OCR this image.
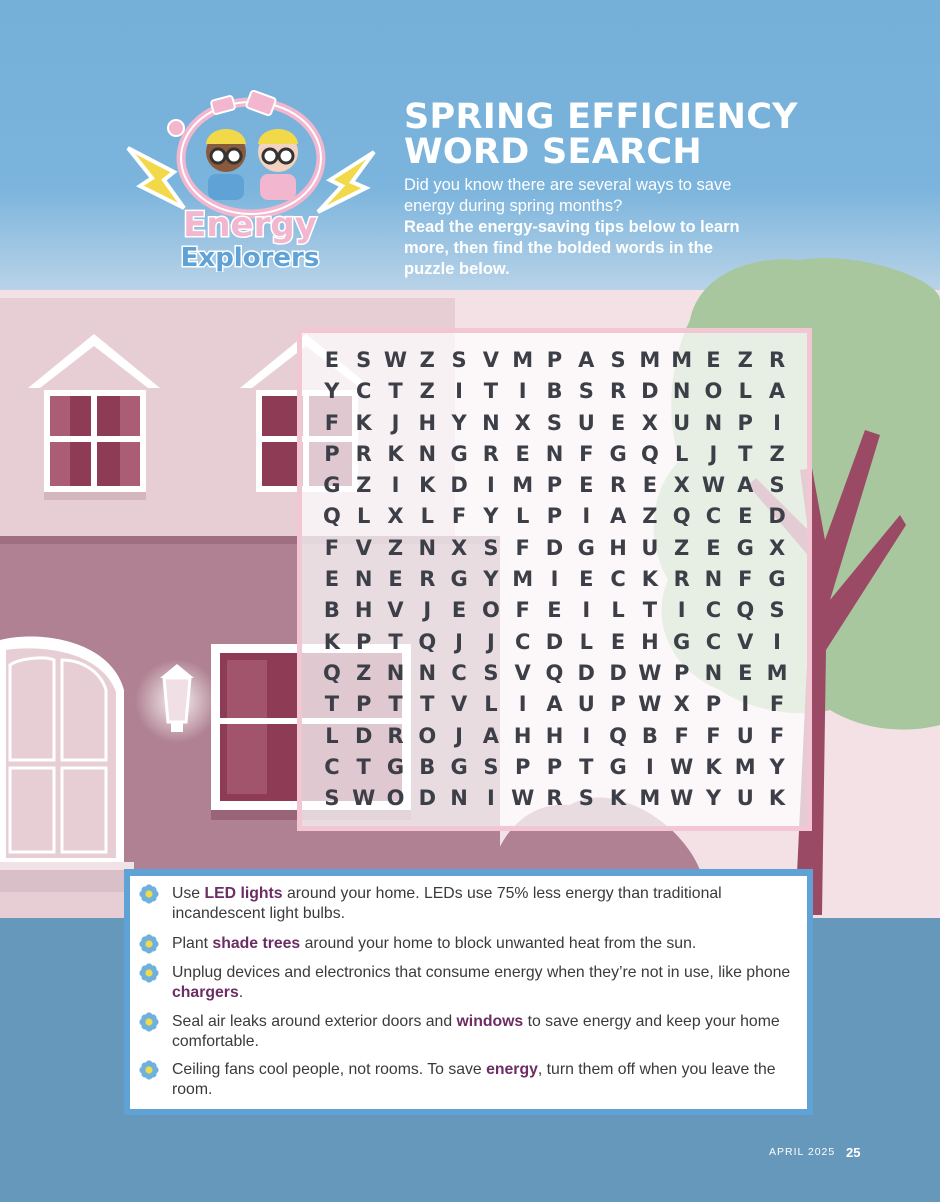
Energy
Explorers
SPRING EFFICIENCY
WORD SEARCH
Did you know there are several ways to save energy during spring months?
Read the energy-saving tips below to learn more, then find the bolded words in the puzzle below.
E S W Z S V M P A S M M E Z R
Y C T Z I T I B S R D N O L A
F K J H Y N X S U E X U N P I
P R K N G R E N F G Q L	J T Z
G Z I K D I M P E R E X W A S
Q L X L F Y L P I A Z Q C E D
F V Z N X S F D G H U Z E G X
E N E R G Y M I E C K R N F G
B H V J E O F E I	L T I C Q S
K P T Q J	J C D L E H G C V I
Q Z N N C S V Q D D W P N E M
T P T T V L	I A U P W X P I F
L D R O J A H H I Q B F F U F
C T G B G S P P T G I W K M Y
S W O D N I W R S K M W Y U K
Use LED lights around your home. LEDs use 75% less energy than traditional incandescent light bulbs.
Plant shade trees around your home to block unwanted heat from the sun.
Unplug devices and electronics that consume energy when they’re not in use, like phone chargers.
Seal air leaks around exterior doors and windows to save energy and keep your home comfortable.
Ceiling fans cool people, not rooms. To save energy, turn them off when you leave the room.
APRIL 2025 25
